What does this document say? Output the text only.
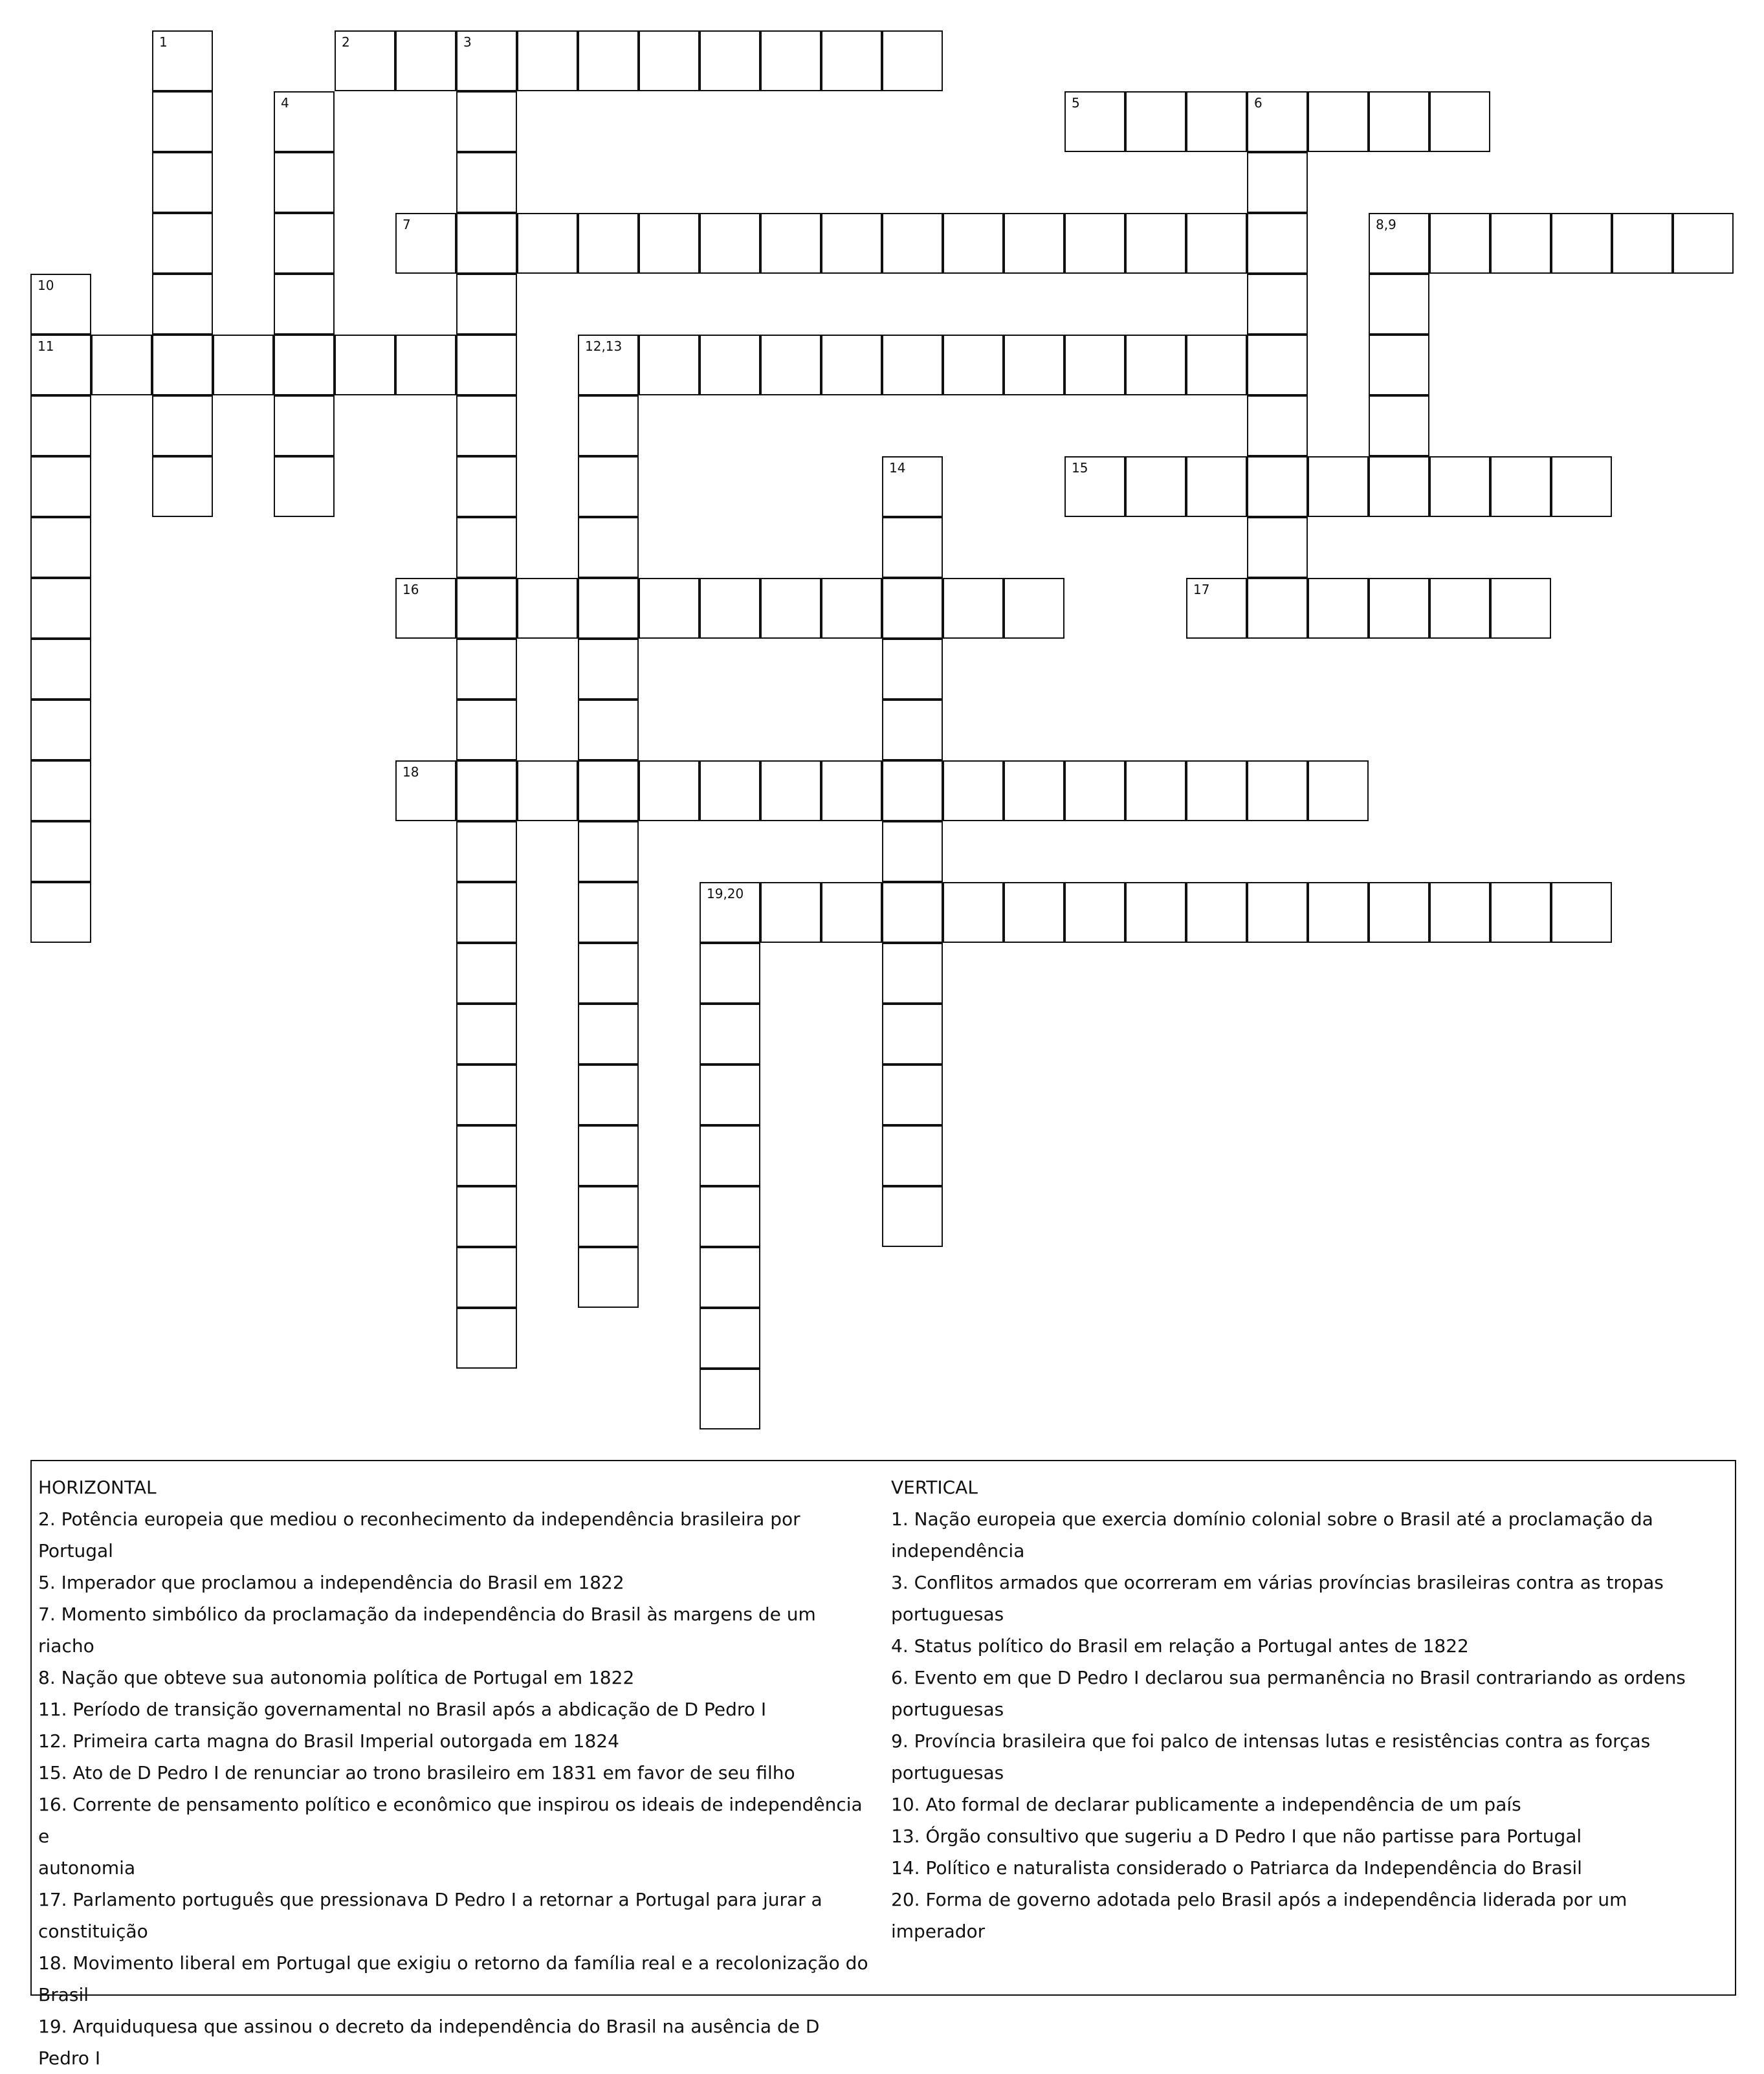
1	2	3
4	5	6
7	8,9
10
11	12,13
14	15
16	17
18
19,20
HORIZONTAL
2. Potência europeia que mediou o reconhecimento da independência brasileira por Portugal
5. Imperador que proclamou a independência do Brasil em 1822
7. Momento simbólico da proclamação da independência do Brasil às margens de um riacho
8. Nação que obteve sua autonomia política de Portugal em 1822
11. Período de transição governamental no Brasil após a abdicação de D Pedro I
12. Primeira carta magna do Brasil Imperial outorgada em 1824
15. Ato de D Pedro I de renunciar ao trono brasileiro em 1831 em favor de seu filho
16. Corrente de pensamento político e econômico que inspirou os ideais de independência e
autonomia
17. Parlamento português que pressionava D Pedro I a retornar a Portugal para jurar a
constituição
18. Movimento liberal em Portugal que exigiu o retorno da família real e a recolonização do
Brasil
19. Arquiduquesa que assinou o decreto da independência do Brasil na ausência de D Pedro I
VERTICAL
1. Nação europeia que exercia domínio colonial sobre o Brasil até a proclamação da
independência
3. Conflitos armados que ocorreram em várias províncias brasileiras contra as tropas
portuguesas
4. Status político do Brasil em relação a Portugal antes de 1822
6. Evento em que D Pedro I declarou sua permanência no Brasil contrariando as ordens
portuguesas
9. Província brasileira que foi palco de intensas lutas e resistências contra as forças portuguesas
10. Ato formal de declarar publicamente a independência de um país
13. Órgão consultivo que sugeriu a D Pedro I que não partisse para Portugal
14. Político e naturalista considerado o Patriarca da Independência do Brasil
20. Forma de governo adotada pelo Brasil após a independência liderada por um imperador
